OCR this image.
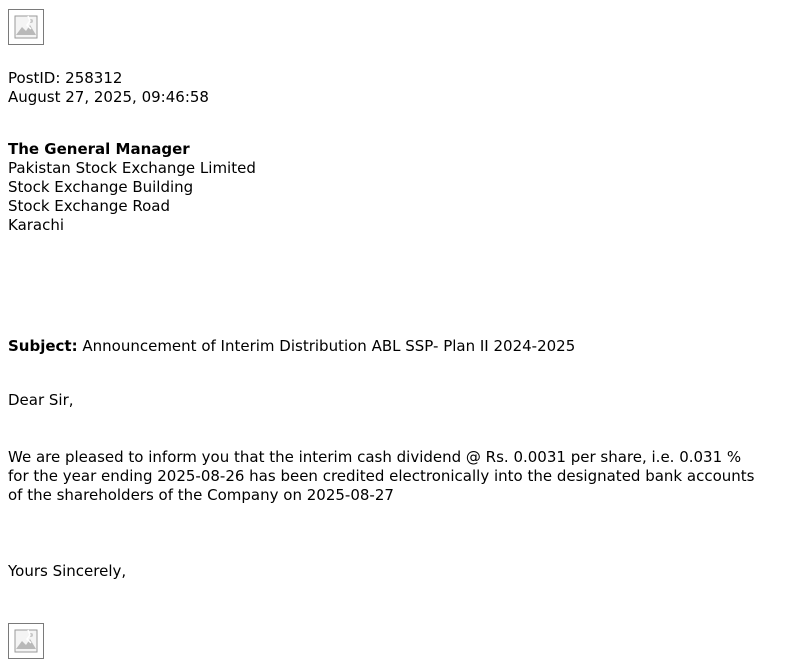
PostID: 258312
August 27, 2025, 09:46:58
The General Manager
Pakistan Stock Exchange Limited
Stock Exchange Building
Stock Exchange Road
Karachi
Subject: Announcement of Interim Distribution ABL SSP- Plan II 2024-2025
Dear Sir,
We are pleased to inform you that the interim cash dividend @ Rs. 0.0031 per share, i.e. 0.031 %
for the year ending 2025-08-26 has been credited electronically into the designated bank accounts
of the shareholders of the Company on 2025-08-27
Yours Sincerely,
